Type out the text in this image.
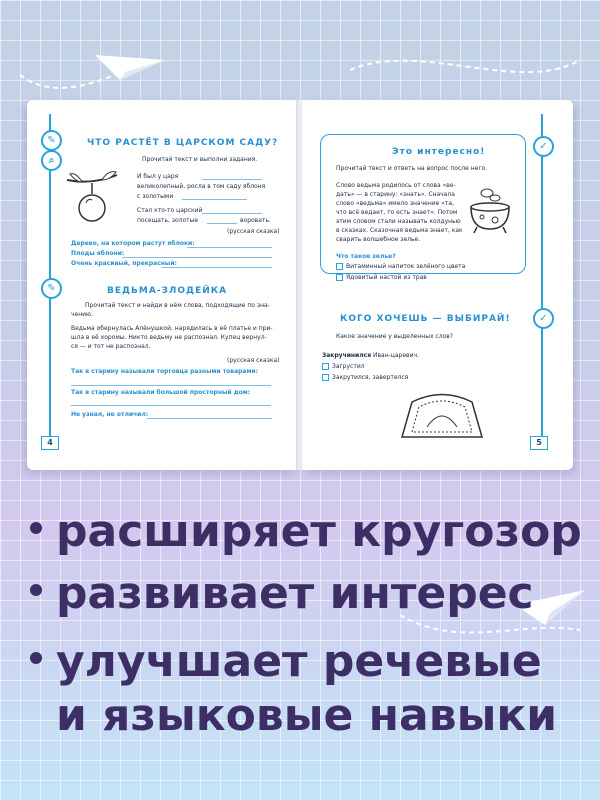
✎
⌕
✎
4
ЧТО РАСТЁТ В ЦАРСКОМ САДУ?
Прочитай текст и выполни задания.
И был у царя
великолепный, росла в том саду яблоня
с золотыми
Стал кто-то царский
посещать, золотые	воровать.
(русская сказка)
Дерево, на котором растут яблоки:
Плоды яблони:
Очень красивый, прекрасный:
ВЕДЬМА-ЗЛОДЕЙКА
Прочитай текст и найди в нём слова, подходящие по зна-
чению.
Ведьма обернулась Алёнушкой, нарядилась в её платье и при-
шла в её хоромы. Никто ведьму не распознал. Купец вернул-
ся — и тот не распознал.
(русская сказка)
Так в старину называли торговца разными товарами:
Так в старину называли большой просторный дом:
Не узнал, не отличил:
✓
✓
5
Это интересно!
Прочитай текст и ответь на вопрос после него.
Слово ведьма родилось от слова «ве-
дать» — в старину: «знать». Сначала
слово «ведьма» имело значение «та,
что всё ведает, то есть знает». Потом
этим словом стали называть колдунью
в сказках. Сказочная ведьма знает, как
сварить волшебное зелье.
Что такое зелье?
Витаминный напиток зелёного цвета
Ядовитый настой из трав
КОГО ХОЧЕШЬ — ВЫБИРАЙ!
Какое значение у выделенных слов?
Закручинился Иван-царевич.
Загрустил
Закрутился, завертелся
расширяет кругозор
развивает интерес
улучшает речевые
и языковые навыки
